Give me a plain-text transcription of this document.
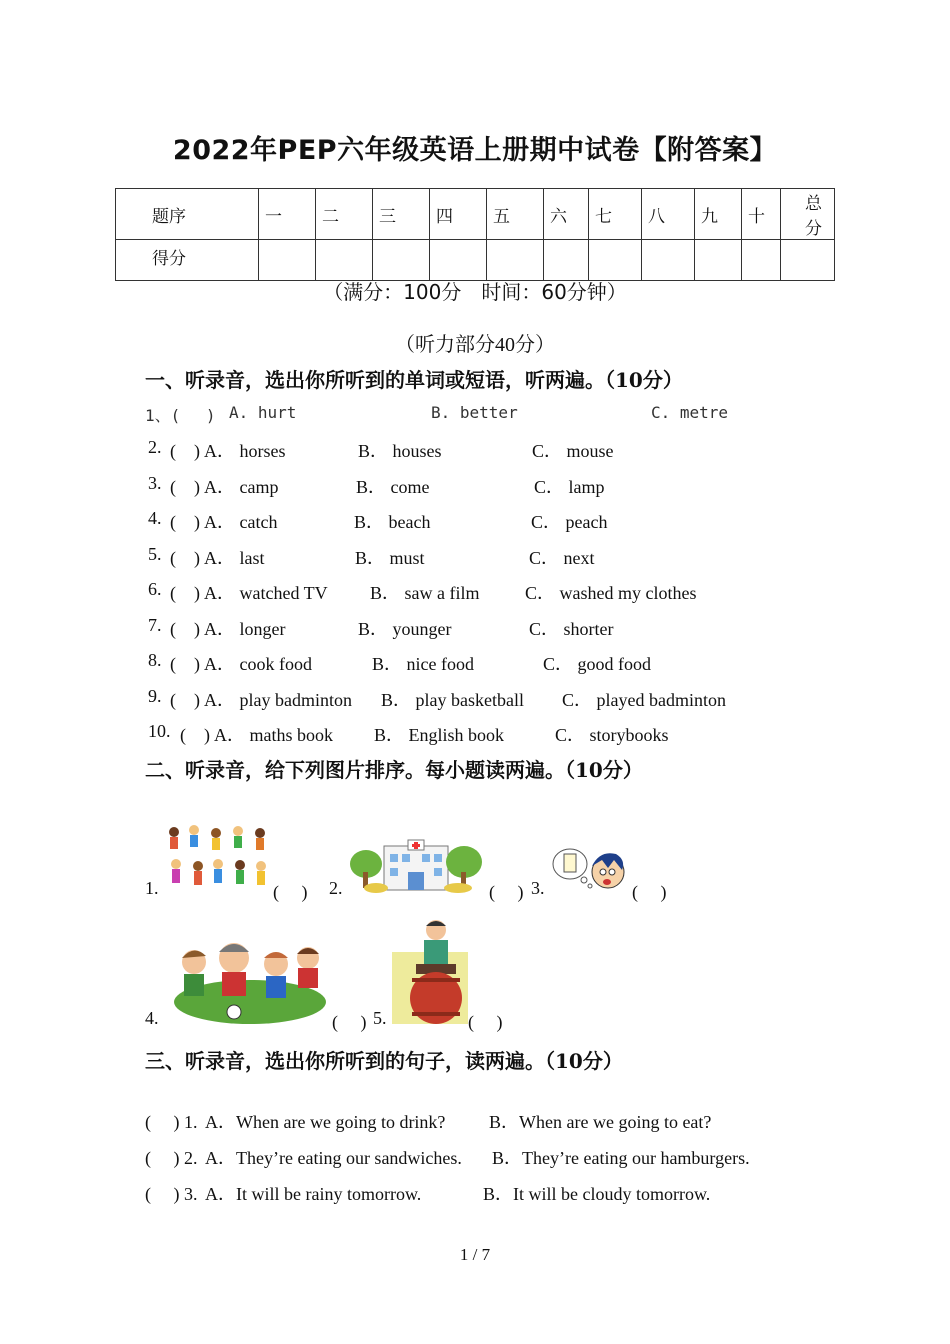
2022年PEP六年级英语上册期中试卷【附答案】
题序	一	二	三	四	五	六	七	八	九	十	总分
得分											
（满分：100分　时间：60分钟）
（听力部分40分）
一、听录音，选出你所听到的单词或短语，听两遍。（10分）
1、(　 ) A. hurt	B. better	C. metre
2. (　) A． horses	B． houses	C． mouse
3. (　) A． camp	B． come	C． lamp
4. (　) A． catch	B． beach	C． peach
5. (　) A． last	B． must	C． next
6. (　) A． watched TV B． saw a film	C． washed my clothes
7. (　) A． longer	B． younger	C． shorter
8. (　) A． cook food	B． nice food	C． good food
9. (　) A． play badminton B． play basketball C． played badminton
10. (　) A． maths book B． English book	C． storybooks
二、听录音，给下列图片排序。每小题读两遍。（10分）
1.	(　 ) 2.	(　 ) 3.	(　 )
4.	(　 ) 5.	(　 )
三、听录音，选出你所听到的句子，读两遍。（10分）
(　 ) 1. A．When are we going to drink? B．When are we going to eat?
(　 ) 2. A．They’re eating our sandwiches. B．They’re eating our hamburgers.
(　 ) 3. A．It will be rainy tomorrow.	B．It will be cloudy tomorrow.
1 / 7
